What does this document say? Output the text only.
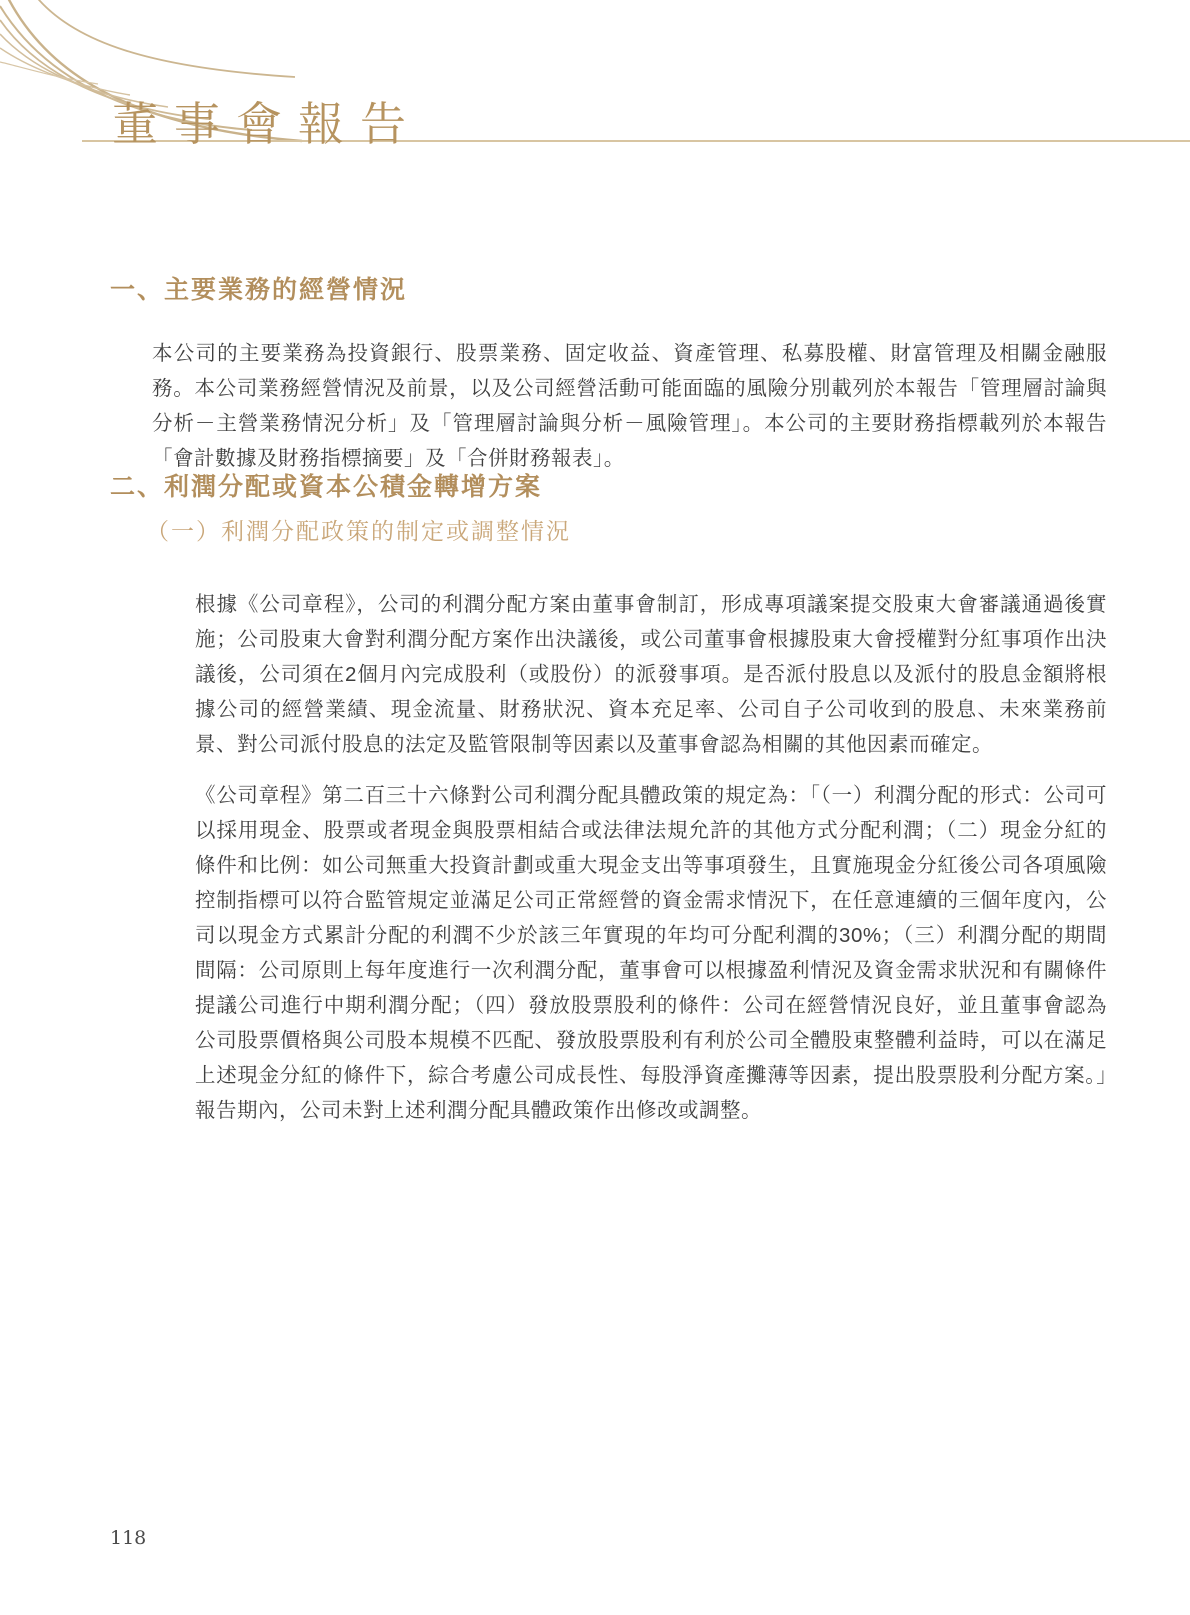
董事會報告
一、主要業務的經營情況

本公司的主要業務為投資銀行、股票業務、固定收益、資產管理、私募股權、財富管理及相關金融服務。本公司業務經營情況及前景，以及公司經營活動可能面臨的風險分別載列於本報告「管理層討論與分析－主營業務情況分析」及「管理層討論與分析－風險管理」。本公司的主要財務指標載列於本報告「會計數據及財務指標摘要」及「合併財務報表」。

二、利潤分配或資本公積金轉增方案
（一）利潤分配政策的制定或調整情況

根據《公司章程》，公司的利潤分配方案由董事會制訂，形成專項議案提交股東大會審議通過後實施；公司股東大會對利潤分配方案作出決議後，或公司董事會根據股東大會授權對分紅事項作出決議後，公司須在2個月內完成股利（或股份）的派發事項。是否派付股息以及派付的股息金額將根據公司的經營業績、現金流量、財務狀況、資本充足率、公司自子公司收到的股息、未來業務前景、對公司派付股息的法定及監管限制等因素以及董事會認為相關的其他因素而確定。

《公司章程》第二百三十六條對公司利潤分配具體政策的規定為：「（一）利潤分配的形式：公司可以採用現金、股票或者現金與股票相結合或法律法規允許的其他方式分配利潤；（二）現金分紅的條件和比例：如公司無重大投資計劃或重大現金支出等事項發生，且實施現金分紅後公司各項風險控制指標可以符合監管規定並滿足公司正常經營的資金需求情況下，在任意連續的三個年度內，公司以現金方式累計分配的利潤不少於該三年實現的年均可分配利潤的30%；（三）利潤分配的期間間隔：公司原則上每年度進行一次利潤分配，董事會可以根據盈利情況及資金需求狀況和有關條件提議公司進行中期利潤分配；（四）發放股票股利的條件：公司在經營情況良好，並且董事會認為公司股票價格與公司股本規模不匹配、發放股票股利有利於公司全體股東整體利益時，可以在滿足上述現金分紅的條件下，綜合考慮公司成長性、每股淨資產攤薄等因素，提出股票股利分配方案。」報告期內，公司未對上述利潤分配具體政策作出修改或調整。

118
